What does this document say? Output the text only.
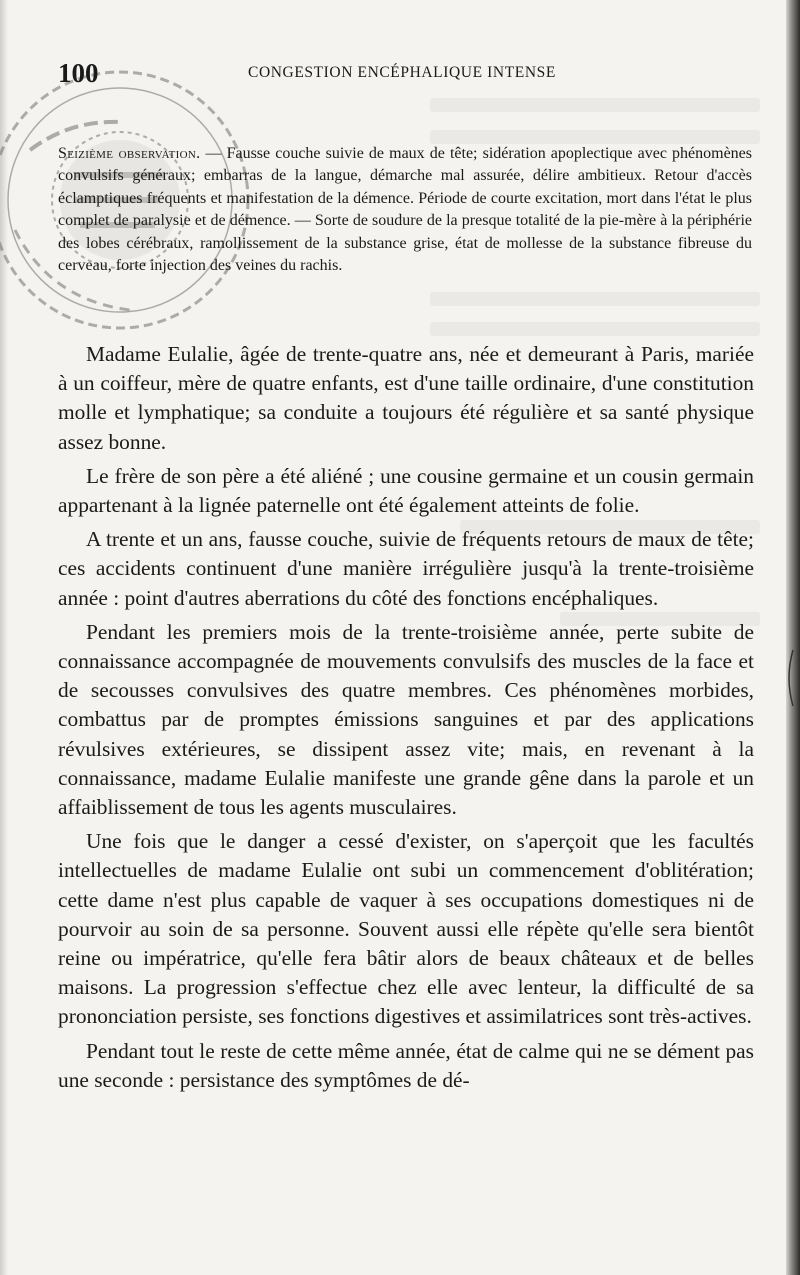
100	CONGESTION ENCÉPHALIQUE INTENSE
Seizième observation. — Fausse couche suivie de maux de tête; sidération apoplectique avec phénomènes convulsifs généraux; embarras de la langue, démarche mal assurée, délire ambitieux. Retour d'accès éclamptiques fréquents et manifestation de la démence. Période de courte excitation, mort dans l'état le plus complet de paralysie et de démence. — Sorte de soudure de la presque totalité de la pie-mère à la périphérie des lobes cérébraux, ramollissement de la substance grise, état de mollesse de la substance fibreuse du cerveau, forte injection des veines du rachis.

Madame Eulalie, âgée de trente-quatre ans, née et demeurant à Paris, mariée à un coiffeur, mère de quatre enfants, est d'une taille ordinaire, d'une constitution molle et lymphatique; sa conduite a toujours été régulière et sa santé physique assez bonne.

Le frère de son père a été aliéné ; une cousine germaine et un cousin germain appartenant à la lignée paternelle ont été également atteints de folie.

A trente et un ans, fausse couche, suivie de fréquents retours de maux de tête; ces accidents continuent d'une manière irrégulière jusqu'à la trente-troisième année : point d'autres aberrations du côté des fonctions encéphaliques.

Pendant les premiers mois de la trente-troisième année, perte subite de connaissance accompagnée de mouvements convulsifs des muscles de la face et de secousses convulsives des quatre membres. Ces phénomènes morbides, combattus par de promptes émissions sanguines et par des applications révulsives extérieures, se dissipent assez vite; mais, en revenant à la connaissance, madame Eulalie manifeste une grande gêne dans la parole et un affaiblissement de tous les agents musculaires.

Une fois que le danger a cessé d'exister, on s'aperçoit que les facultés intellectuelles de madame Eulalie ont subi un commencement d'oblitération; cette dame n'est plus capable de vaquer à ses occupations domestiques ni de pourvoir au soin de sa personne. Souvent aussi elle répète qu'elle sera bientôt reine ou impératrice, qu'elle fera bâtir alors de beaux châteaux et de belles maisons. La progression s'effectue chez elle avec lenteur, la difficulté de sa prononciation persiste, ses fonctions digestives et assimilatrices sont très-actives.

Pendant tout le reste de cette même année, état de calme qui ne se dément pas une seconde : persistance des symptômes de dé-
